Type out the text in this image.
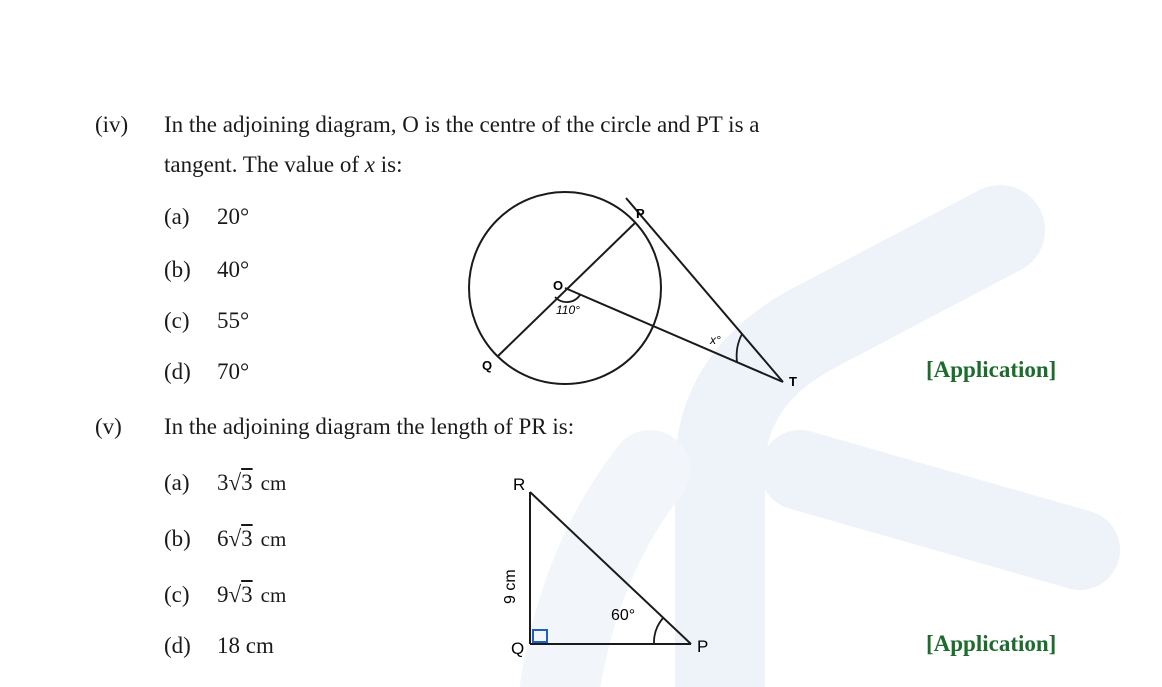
(iv) In the adjoining diagram, O is the centre of the circle and PT is a
tangent. The value of x is:
(a) 20°
(b) 40°
(c) 55°
(d) 70°	[Application]
P
O
Q
T
110°
x°
(v) In the adjoining diagram the length of PR is:
(a) 3√3 cm
(b) 6√3 cm
(c) 9√3 cm
(d) 18 cm	[Application]
R
Q	P
60°
9 cm
